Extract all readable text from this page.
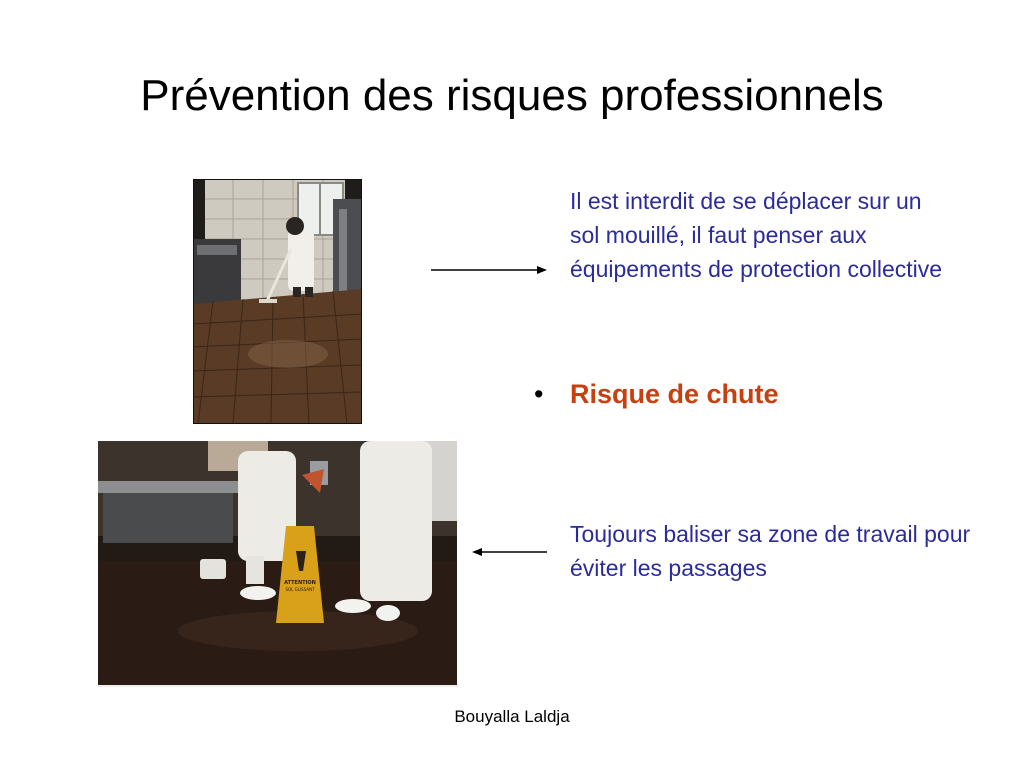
Prévention des risques professionnels
Il est interdit de se déplacer sur un sol mouillé, il faut penser aux équipements de protection collective
• Risque de chute
ATTENTION
SOL GLISSANT
Toujours baliser sa zone de travail pour éviter les passages
Bouyalla Laldja
